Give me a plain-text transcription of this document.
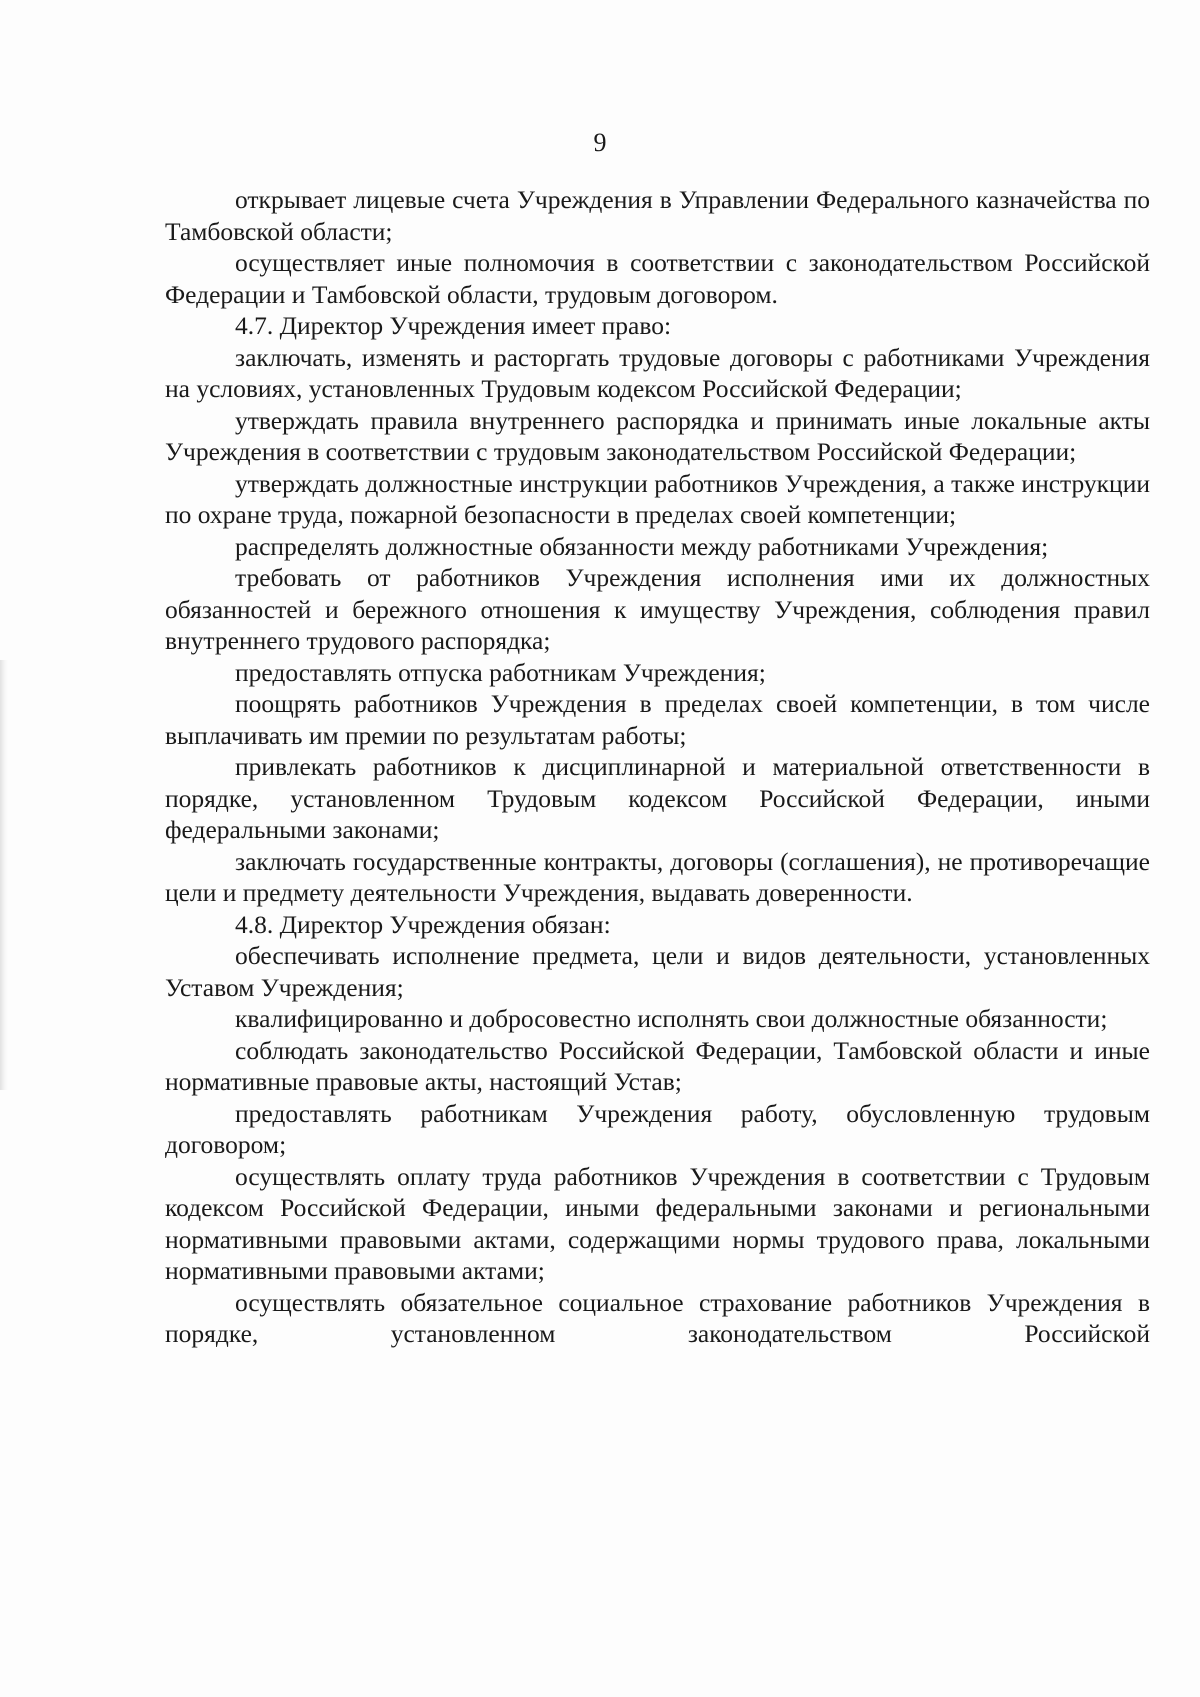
9

открывает лицевые счета Учреждения в Управлении Федерального казначейства по Тамбовской области;

осуществляет иные полномочия в соответствии с законодательством Российской Федерации и Тамбовской области, трудовым договором.

4.7. Директор Учреждения имеет право:

заключать, изменять и расторгать трудовые договоры с работниками Учреждения на условиях, установленных Трудовым кодексом Российской Федерации;

утверждать правила внутреннего распорядка и принимать иные локальные акты Учреждения в соответствии с трудовым законодательством Российской Федерации;

утверждать должностные инструкции работников Учреждения, а также инструкции по охране труда, пожарной безопасности в пределах своей компетенции;

распределять должностные обязанности между работниками Учреждения;

требовать от работников Учреждения исполнения ими их должностных обязанностей и бережного отношения к имуществу Учреждения, соблюдения правил внутреннего трудового распорядка;

предоставлять отпуска работникам Учреждения;

поощрять работников Учреждения в пределах своей компетенции, в том числе выплачивать им премии по результатам работы;

привлекать работников к дисциплинарной и материальной ответственности в порядке, установленном Трудовым кодексом Российской Федерации, иными федеральными законами;

заключать государственные контракты, договоры (соглашения), не противоречащие цели и предмету деятельности Учреждения, выдавать доверенности.

4.8. Директор Учреждения обязан:

обеспечивать исполнение предмета, цели и видов деятельности, установленных Уставом Учреждения;

квалифицированно и добросовестно исполнять свои должностные обязанности;

соблюдать законодательство Российской Федерации, Тамбовской области и иные нормативные правовые акты, настоящий Устав;

предоставлять работникам Учреждения работу, обусловленную трудовым договором;

осуществлять оплату труда работников Учреждения в соответствии с Трудовым кодексом Российской Федерации, иными федеральными законами и региональными нормативными правовыми актами, содержащими нормы трудового права, локальными нормативными правовыми актами;

осуществлять обязательное социальное страхование работников Учреждения в порядке, установленном законодательством Российской
